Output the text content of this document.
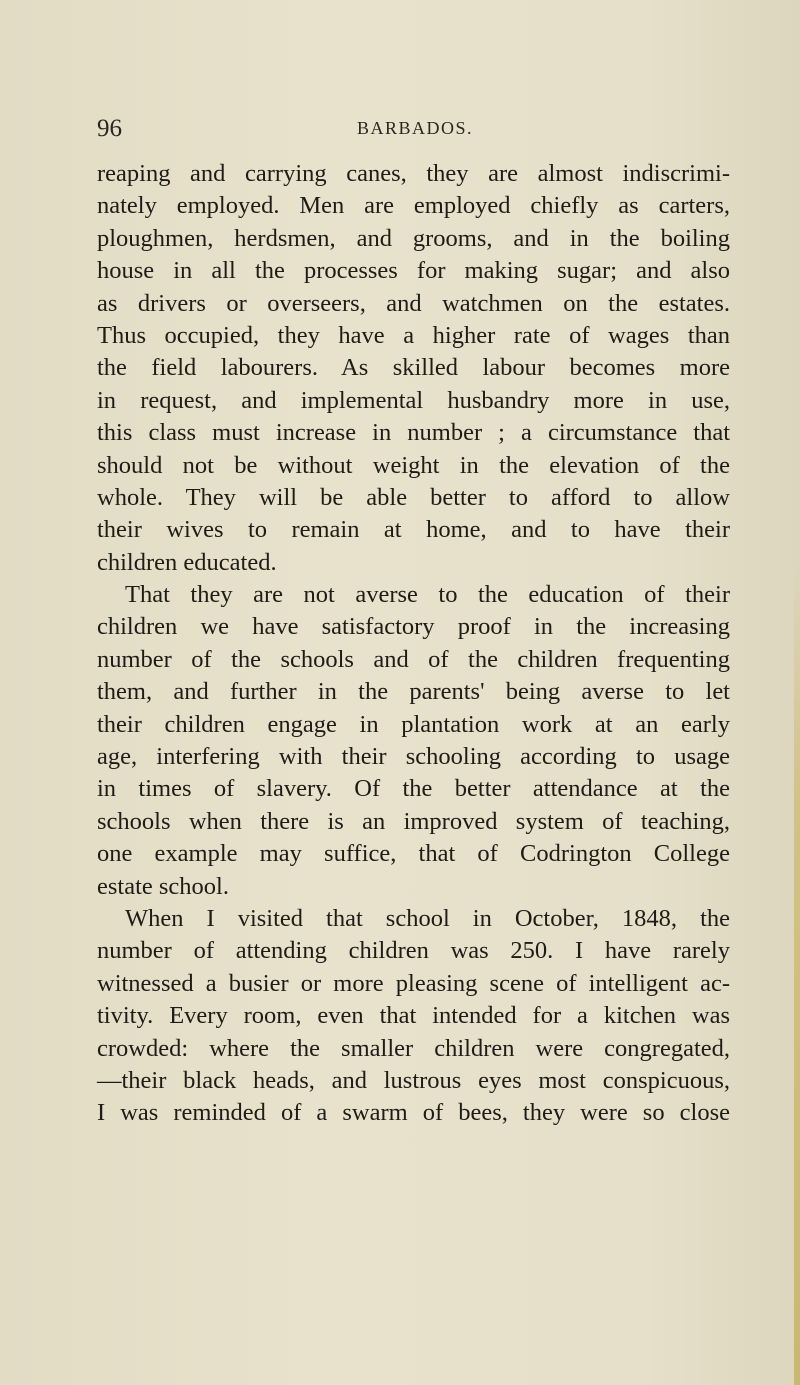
96	BARBADOS.
reaping and carrying canes, they are almost indiscrimi-
nately employed. Men are employed chiefly as carters,
ploughmen, herdsmen, and grooms, and in the boiling
house in all the processes for making sugar; and also
as drivers or overseers, and watchmen on the estates.
Thus occupied, they have a higher rate of wages than
the field labourers. As skilled labour becomes more
in request, and implemental husbandry more in use,
this class must increase in number ; a circumstance that
should not be without weight in the elevation of the
whole. They will be able better to afford to allow
their wives to remain at home, and to have their
children educated.
That they are not averse to the education of their
children we have satisfactory proof in the increasing
number of the schools and of the children frequenting
them, and further in the parents' being averse to let
their children engage in plantation work at an early
age, interfering with their schooling according to usage
in times of slavery. Of the better attendance at the
schools when there is an improved system of teaching,
one example may suffice, that of Codrington College
estate school.
When I visited that school in October, 1848, the
number of attending children was 250. I have rarely
witnessed a busier or more pleasing scene of intelligent ac-
tivity. Every room, even that intended for a kitchen was
crowded: where the smaller children were congregated,
—their black heads, and lustrous eyes most conspicuous,
I was reminded of a swarm of bees, they were so close
